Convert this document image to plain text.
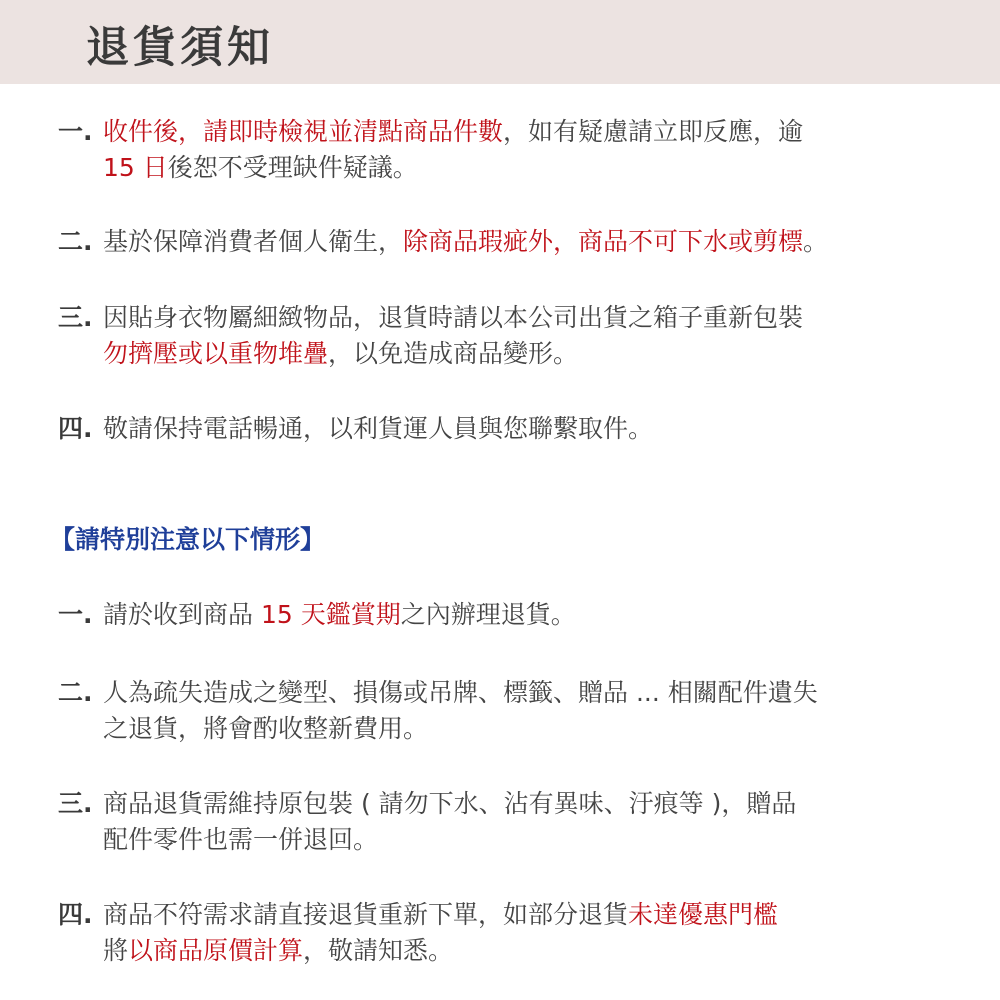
退貨須知
一. 收件後，請即時檢視並清點商品件數，如有疑慮請立即反應，逾
15 日後恕不受理缺件疑議。
二. 基於保障消費者個人衛生，除商品瑕疵外，商品不可下水或剪標。
三. 因貼身衣物屬細緻物品，退貨時請以本公司出貨之箱子重新包裝
勿擠壓或以重物堆疊，以免造成商品變形。
四. 敬請保持電話暢通，以利貨運人員與您聯繫取件。
【請特別注意以下情形】
一. 請於收到商品 15 天鑑賞期之內辦理退貨。
二. 人為疏失造成之變型、損傷或吊牌、標籤、贈品 ... 相關配件遺失
之退貨，將會酌收整新費用。
三. 商品退貨需維持原包裝 ( 請勿下水、沾有異味、汙痕等 )，贈品
配件零件也需一併退回。
四. 商品不符需求請直接退貨重新下單，如部分退貨未達優惠門檻
將以商品原價計算，敬請知悉。
